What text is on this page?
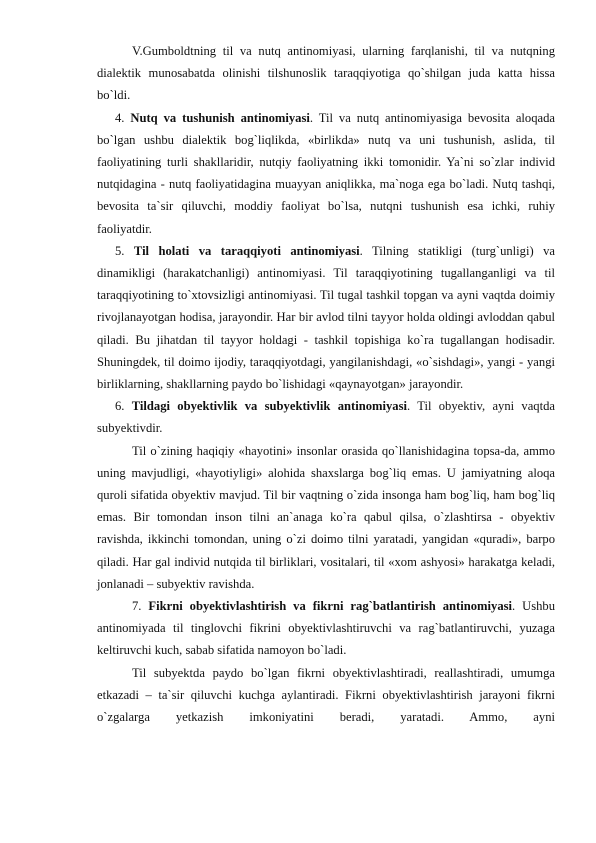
V.Gumboldtning til va nutq antinomiyasi, ularning farqlanishi, til va nutqning dialektik munosabatda olinishi tilshunoslik taraqqiyotiga qo`shilgan juda katta hissa bo`ldi.

4. Nutq va tushunish antinomiyasi. Til va nutq antinomiyasiga bevosita aloqada bo`lgan ushbu dialektik bog`liqlikda, «birlikda» nutq va uni tushunish, aslida, til faoliyatining turli shakllaridir, nutqiy faoliyatning ikki tomonidir. Ya`ni so`zlar individ nutqidagina - nutq faoliyatidagina muayyan aniqlikka, ma`noga ega bo`ladi. Nutq tashqi, bevosita ta`sir qiluvchi, moddiy faoliyat bo`lsa, nutqni tushunish esa ichki, ruhiy faoliyatdir.

5. Til holati va taraqqiyoti antinomiyasi. Tilning statikligi (turg`unligi) va dinamikligi (harakatchanligi) antinomiyasi. Til taraqqiyotining tugallanganligi va til taraqqiyotining to`xtovsizligi antinomiyasi. Til tugal tashkil topgan va ayni vaqtda doimiy rivojlanayotgan hodisa, jarayondir. Har bir avlod tilni tayyor holda oldingi avloddan qabul qiladi. Bu jihatdan til tayyor holdagi - tashkil topishiga ko`ra tugallangan hodisadir. Shuningdek, til doimo ijodiy, taraqqiyotdagi, yangilanishdagi, «o`sishdagi», yangi - yangi birliklarning, shakllarning paydo bo`lishidagi «qaynayotgan» jarayondir.

6. Tildagi obyektivlik va subyektivlik antinomiyasi. Til obyektiv, ayni vaqtda subyektivdir.

Til o`zining haqiqiy «hayotini» insonlar orasida qo`llanishidagina topsa-da, ammo uning mavjudligi, «hayotiyligi» alohida shaxslarga bog`liq emas. U jamiyatning aloqa quroli sifatida obyektiv mavjud. Til bir vaqtning o`zida insonga ham bog`liq, ham bog`liq emas. Bir tomondan inson tilni an`anaga ko`ra qabul qilsa, o`zlashtirsa - obyektiv ravishda, ikkinchi tomondan, uning o`zi doimo tilni yaratadi, yangidan «quradi», barpo qiladi. Har gal individ nutqida til birliklari, vositalari, til «xom ashyosi» harakatga keladi, jonlanadi – subyektiv ravishda.

7. Fikrni obyektivlashtirish va fikrni rag`batlantirish antinomiyasi. Ushbu antinomiyada til tinglovchi fikrini obyektivlashtiruvchi va rag`batlantiruvchi, yuzaga keltiruvchi kuch, sabab sifatida namoyon bo`ladi.

Til subyektda paydo bo`lgan fikrni obyektivlashtiradi, reallashtiradi, umumga etkazadi – ta`sir qiluvchi kuchga aylantiradi. Fikrni obyektivlashtirish jarayoni fikrni o`zgalarga yetkazish imkoniyatini beradi, yaratadi. Ammo, ayni
